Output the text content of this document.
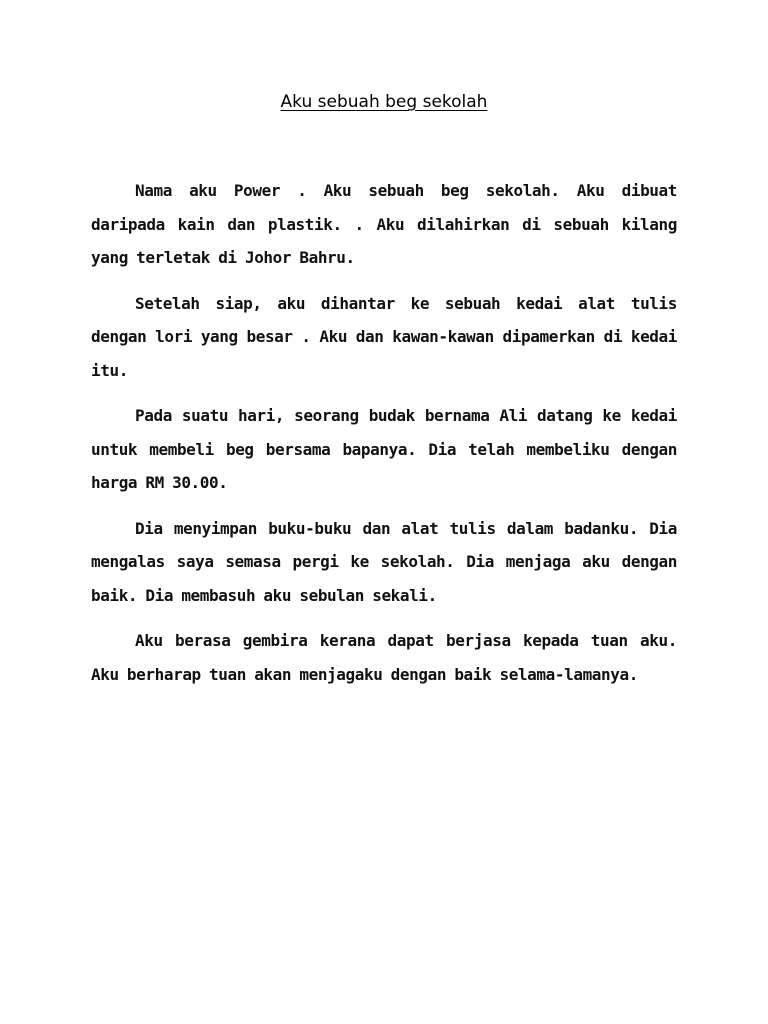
Aku sebuah beg sekolah

Nama aku Power . Aku sebuah beg sekolah. Aku dibuat daripada kain dan plastik. . Aku dilahirkan di sebuah kilang yang terletak di Johor Bahru.

Setelah siap, aku dihantar ke sebuah kedai alat tulis dengan lori yang besar . Aku dan kawan-kawan dipamerkan di kedai itu.

Pada suatu hari, seorang budak bernama Ali datang ke kedai untuk membeli beg bersama bapanya. Dia telah membeliku dengan harga RM 30.00.

Dia menyimpan buku-buku dan alat tulis dalam badanku. Dia mengalas saya semasa pergi ke sekolah. Dia menjaga aku dengan baik. Dia membasuh aku sebulan sekali.

Aku berasa gembira kerana dapat berjasa kepada tuan aku. Aku berharap tuan akan menjagaku dengan baik selama-lamanya.
